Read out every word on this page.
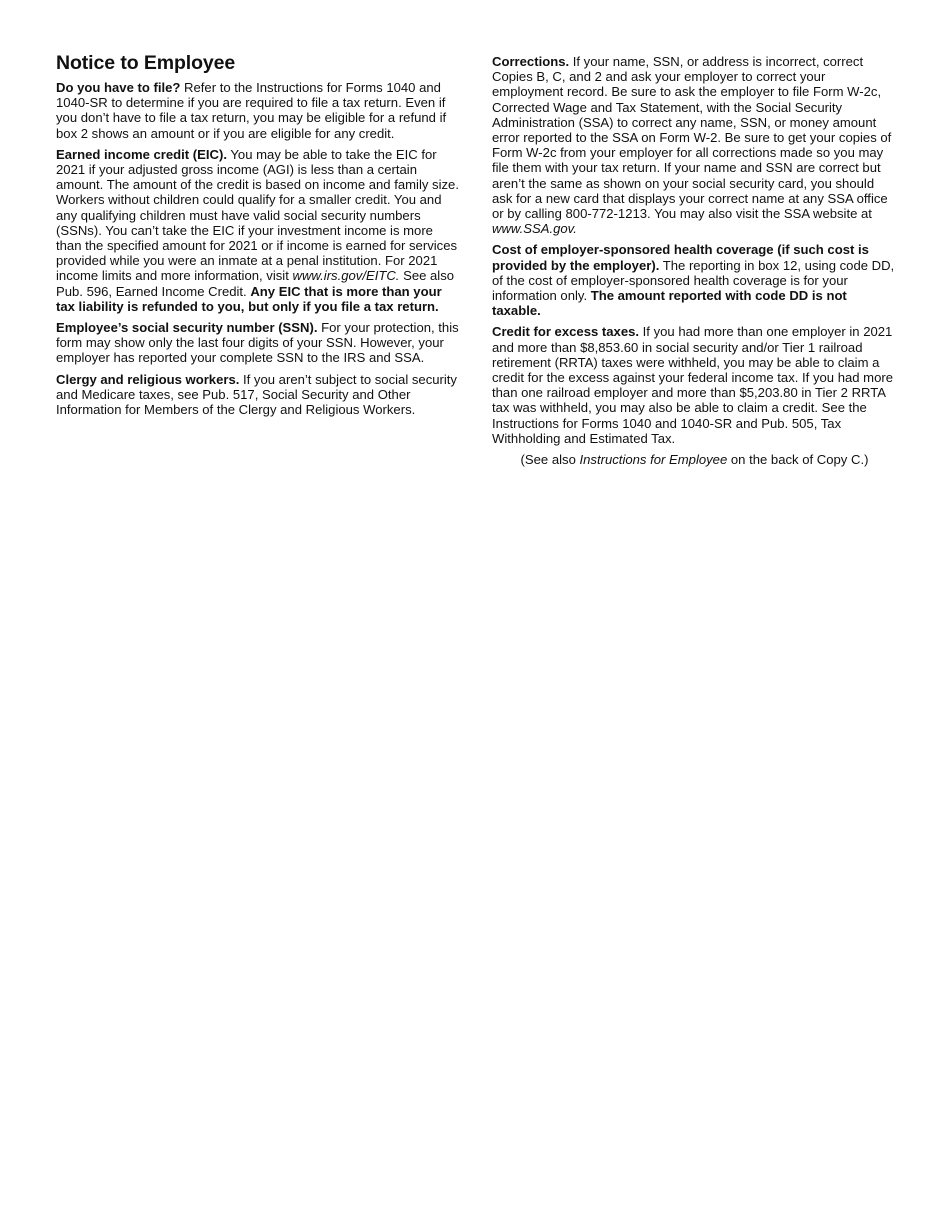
Notice to Employee

Do you have to file? Refer to the Instructions for Forms 1040 and 1040-SR to determine if you are required to file a tax return. Even if you don’t have to file a tax return, you may be eligible for a refund if box 2 shows an amount or if you are eligible for any credit.

Earned income credit (EIC). You may be able to take the EIC for 2021 if your adjusted gross income (AGI) is less than a certain amount. The amount of the credit is based on income and family size. Workers without children could qualify for a smaller credit. You and any qualifying children must have valid social security numbers (SSNs). You can’t take the EIC if your investment income is more than the specified amount for 2021 or if income is earned for services provided while you were an inmate at a penal institution. For 2021 income limits and more information, visit www.irs.gov/EITC. See also Pub. 596, Earned Income Credit. Any EIC that is more than your tax liability is refunded to you, but only if you file a tax return.

Employee’s social security number (SSN). For your protection, this form may show only the last four digits of your SSN. However, your employer has reported your complete SSN to the IRS and SSA.

Clergy and religious workers. If you aren’t subject to social security and Medicare taxes, see Pub. 517, Social Security and Other Information for Members of the Clergy and Religious Workers.

Corrections. If your name, SSN, or address is incorrect, correct Copies B, C, and 2 and ask your employer to correct your employment record. Be sure to ask the employer to file Form W-2c, Corrected Wage and Tax Statement, with the Social Security Administration (SSA) to correct any name, SSN, or money amount error reported to the SSA on Form W-2. Be sure to get your copies of Form W-2c from your employer for all corrections made so you may file them with your tax return. If your name and SSN are correct but aren’t the same as shown on your social security card, you should ask for a new card that displays your correct name at any SSA office or by calling 800-772-1213. You may also visit the SSA website at www.SSA.gov.

Cost of employer-sponsored health coverage (if such cost is provided by the employer). The reporting in box 12, using code DD, of the cost of employer-sponsored health coverage is for your information only. The amount reported with code DD is not taxable.

Credit for excess taxes. If you had more than one employer in 2021 and more than $8,853.60 in social security and/or Tier 1 railroad retirement (RRTA) taxes were withheld, you may be able to claim a credit for the excess against your federal income tax. If you had more than one railroad employer and more than $5,203.80 in Tier 2 RRTA tax was withheld, you may also be able to claim a credit. See the Instructions for Forms 1040 and 1040-SR and Pub. 505, Tax Withholding and Estimated Tax.

(See also Instructions for Employee on the back of Copy C.)
